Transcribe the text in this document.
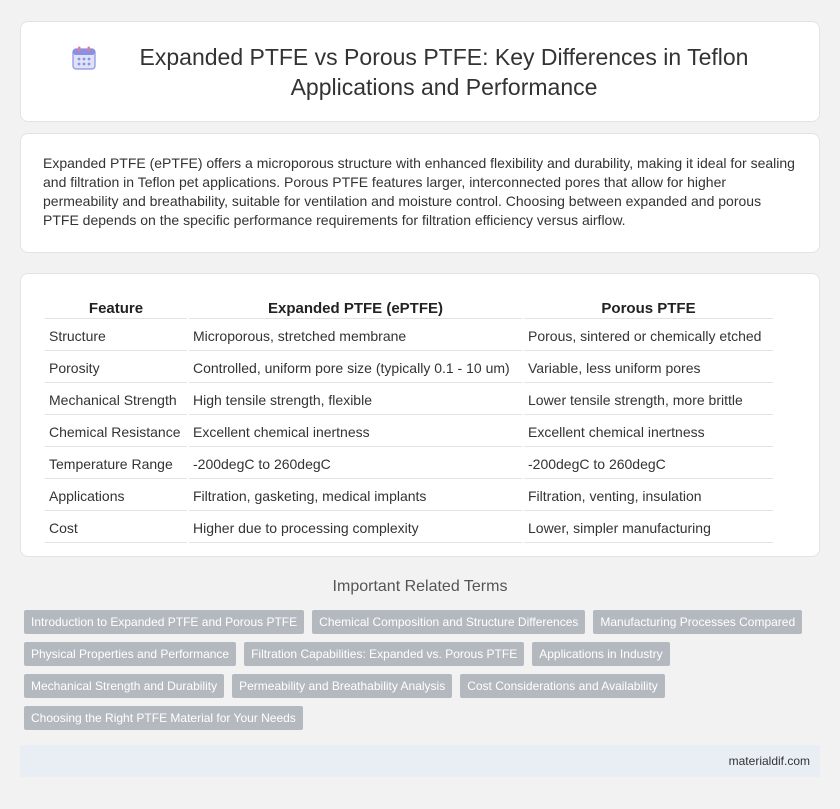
Expanded PTFE vs Porous PTFE: Key Differences in Teflon Applications and Performance

Expanded PTFE (ePTFE) offers a microporous structure with enhanced flexibility and durability, making it ideal for sealing and filtration in Teflon pet applications. Porous PTFE features larger, interconnected pores that allow for higher permeability and breathability, suitable for ventilation and moisture control. Choosing between expanded and porous PTFE depends on the specific performance requirements for filtration efficiency versus airflow.

Feature	Expanded PTFE (ePTFE)	Porous PTFE
Structure	Microporous, stretched membrane	Porous, sintered or chemically etched
Porosity	Controlled, uniform pore size (typically 0.1 - 10 um)	Variable, less uniform pores
Mechanical Strength	High tensile strength, flexible	Lower tensile strength, more brittle
Chemical Resistance	Excellent chemical inertness	Excellent chemical inertness
Temperature Range	-200degC to 260degC	-200degC to 260degC
Applications	Filtration, gasketing, medical implants	Filtration, venting, insulation
Cost	Higher due to processing complexity	Lower, simpler manufacturing
Important Related Terms
Introduction to Expanded PTFE and Porous PTFE	Chemical Composition and Structure Differences	Manufacturing Processes Compared
Physical Properties and Performance	Filtration Capabilities: Expanded vs. Porous PTFE	Applications in Industry
Mechanical Strength and Durability	Permeability and Breathability Analysis	Cost Considerations and Availability
Choosing the Right PTFE Material for Your Needs
materialdif.com
